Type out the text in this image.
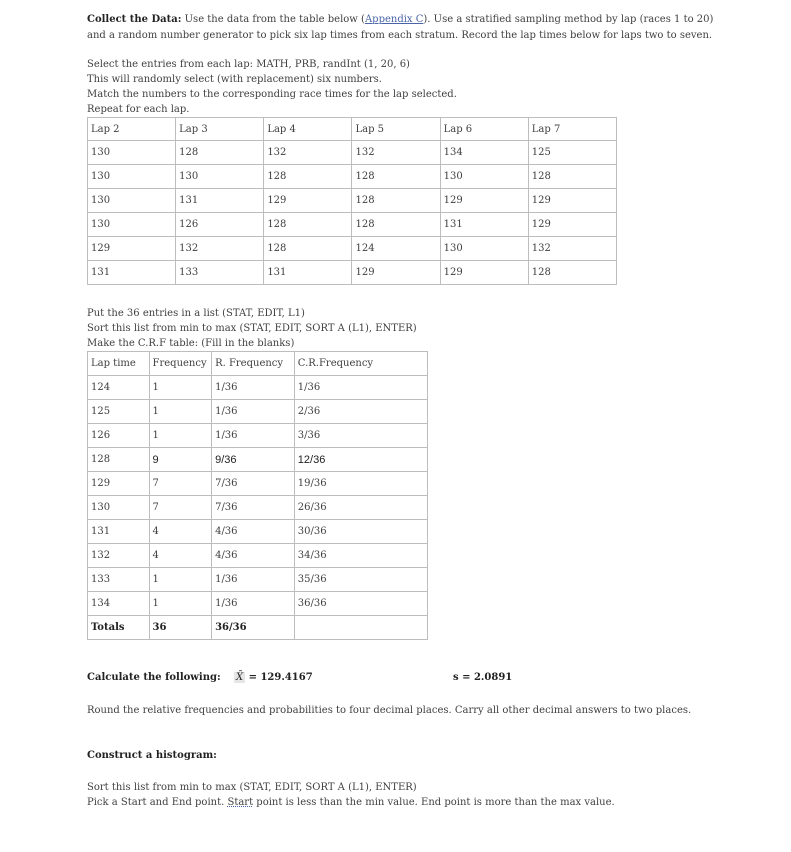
Collect the Data: Use the data from the table below (Appendix C). Use a stratified sampling method by lap (races 1 to 20) and a random number generator to pick six lap times from each stratum. Record the lap times below for laps two to seven.

Select the entries from each lap: MATH, PRB, randInt (1, 20, 6)
This will randomly select (with replacement) six numbers.
Match the numbers to the corresponding race times for the lap selected.
Repeat for each lap.
Lap 2	Lap 3	Lap 4	Lap 5	Lap 6	Lap 7
130	128	132	132	134	125
130	130	128	128	130	128
130	131	129	128	129	129
130	126	128	128	131	129
129	132	128	124	130	132
131	133	131	129	129	128
Put the 36 entries in a list (STAT, EDIT, L1)
Sort this list from min to max (STAT, EDIT, SORT A (L1), ENTER)
Make the C.R.F table: (Fill in the blanks)
Lap time	Frequency	R. Frequency	C.R.Frequency
124	1	1/36	1/36
125	1	1/36	2/36
126	1	1/36	3/36
128	9	9/36	12/36
129	7	7/36	19/36
130	7	7/36	26/36
131	4	4/36	30/36
132	4	4/36	34/36
133	1	1/36	35/36
134	1	1/36	36/36
Totals	36	36/36	
Calculate the following: X̄ = 129.4167	s = 2.0891
Round the relative frequencies and probabilities to four decimal places. Carry all other decimal answers to two places.
Construct a histogram:
Sort this list from min to max (STAT, EDIT, SORT A (L1), ENTER)
Pick a Start and End point. Start point is less than the min value. End point is more than the max value.
